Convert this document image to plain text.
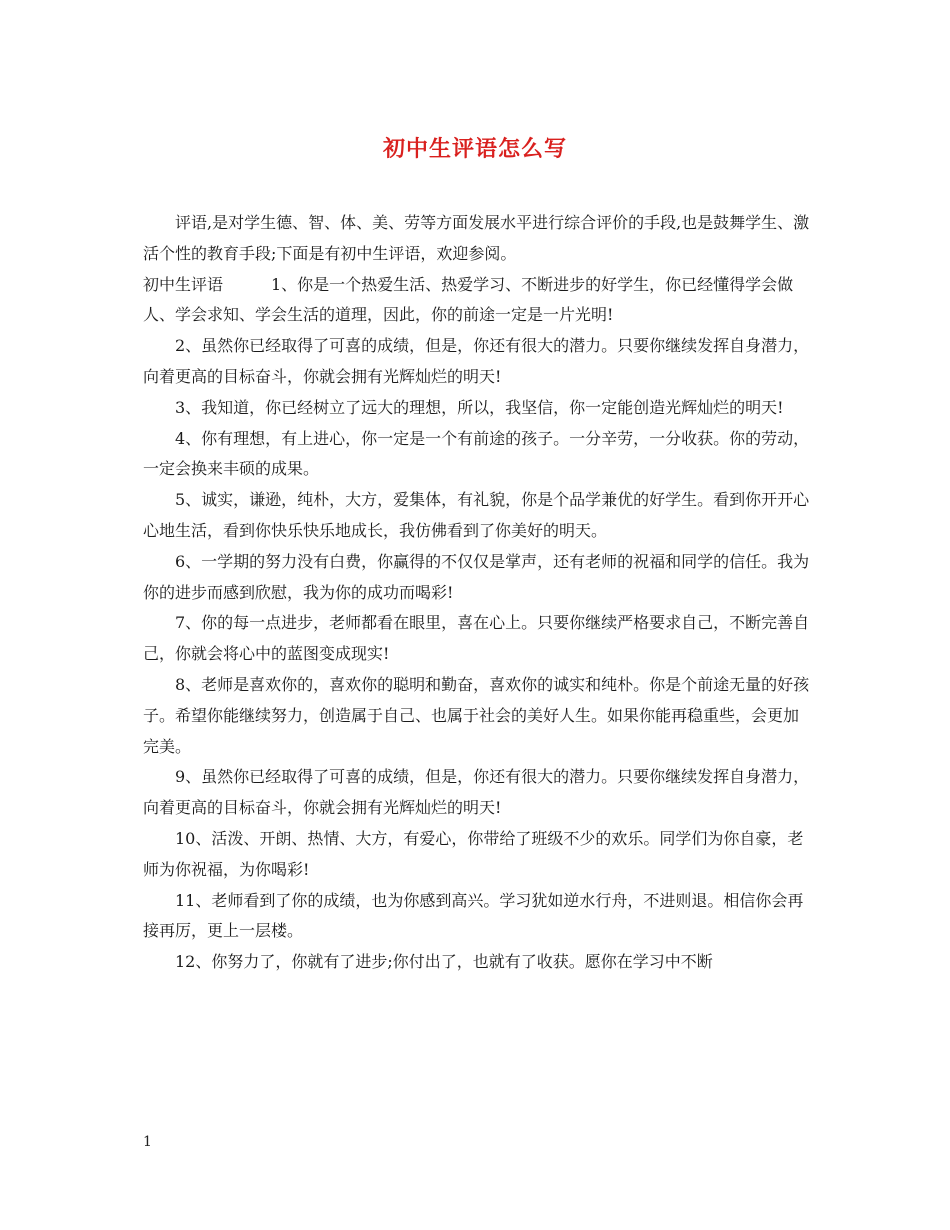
初中生评语怎么写

评语,是对学生德、智、体、美、劳等方面发展水平进行综合评价的手段,也是鼓舞学生、激活个性的教育手段;下面是有初中生评语，欢迎参阅。

初中生评语	1、你是一个热爱生活、热爱学习、不断进步的好学生，你已经懂得学会做人、学会求知、学会生活的道理，因此，你的前途一定是一片光明!

2、虽然你已经取得了可喜的成绩，但是，你还有很大的潜力。只要你继续发挥自身潜力，向着更高的目标奋斗，你就会拥有光辉灿烂的明天!

3、我知道，你已经树立了远大的理想，所以，我坚信，你一定能创造光辉灿烂的明天!

4、你有理想，有上进心，你一定是一个有前途的孩子。一分辛劳，一分收获。你的劳动，一定会换来丰硕的成果。

5、诚实，谦逊，纯朴，大方，爱集体，有礼貌，你是个品学兼优的好学生。看到你开开心心地生活，看到你快乐快乐地成长，我仿佛看到了你美好的明天。

6、一学期的努力没有白费，你赢得的不仅仅是掌声，还有老师的祝福和同学的信任。我为你的进步而感到欣慰，我为你的成功而喝彩!

7、你的每一点进步，老师都看在眼里，喜在心上。只要你继续严格要求自己，不断完善自己，你就会将心中的蓝图变成现实!

8、老师是喜欢你的，喜欢你的聪明和勤奋，喜欢你的诚实和纯朴。你是个前途无量的好孩子。希望你能继续努力，创造属于自己、也属于社会的美好人生。如果你能再稳重些，会更加完美。

9、虽然你已经取得了可喜的成绩，但是，你还有很大的潜力。只要你继续发挥自身潜力，向着更高的目标奋斗，你就会拥有光辉灿烂的明天!

10、活泼、开朗、热情、大方，有爱心，你带给了班级不少的欢乐。同学们为你自豪，老师为你祝福，为你喝彩!

11、老师看到了你的成绩，也为你感到高兴。学习犹如逆水行舟，不进则退。相信你会再接再厉，更上一层楼。

12、你努力了，你就有了进步;你付出了，也就有了收获。愿你在学习中不断

1
